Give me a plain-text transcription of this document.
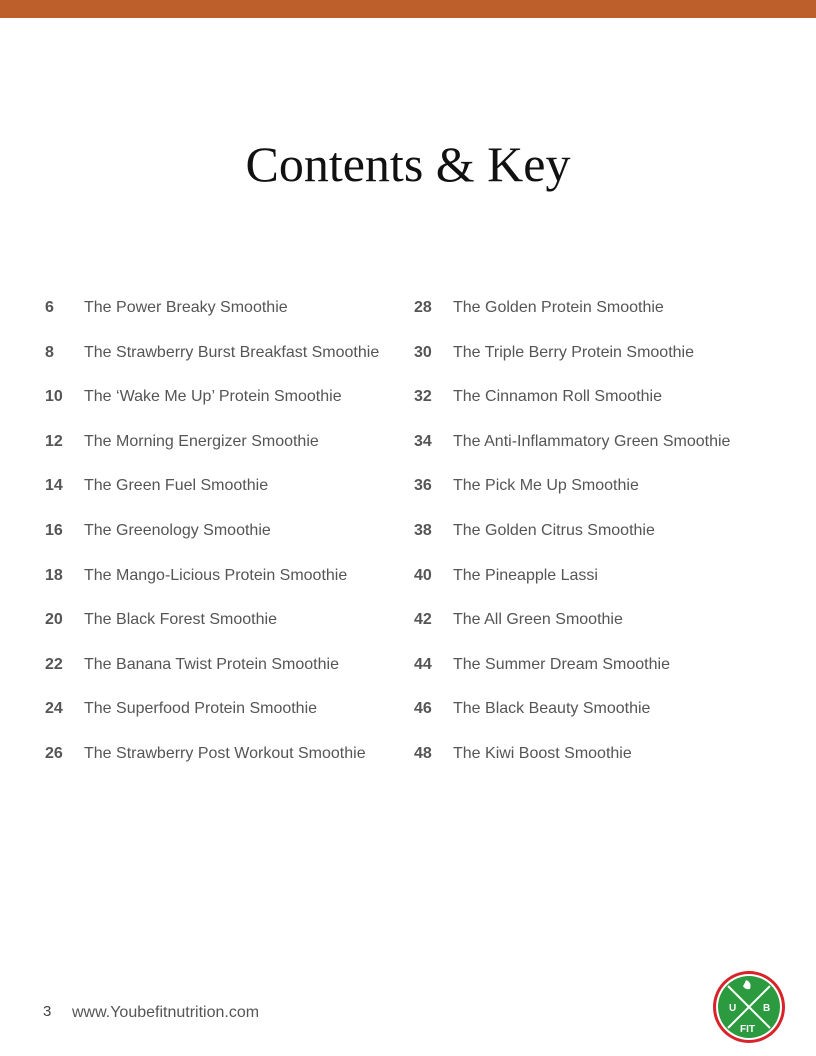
Contents & Key
6	The Power Breaky Smoothie
8	The Strawberry Burst Breakfast Smoothie
10	The ‘Wake Me Up’ Protein Smoothie
12	The Morning Energizer Smoothie
14	The Green Fuel Smoothie
16	The Greenology Smoothie
18	The Mango-Licious Protein Smoothie
20	The Black Forest Smoothie
22	The Banana Twist Protein Smoothie
24	The Superfood Protein Smoothie
26	The Strawberry Post Workout Smoothie
28	The Golden Protein Smoothie
30	The Triple Berry Protein Smoothie
32	The Cinnamon Roll Smoothie
34	The Anti-Inflammatory Green Smoothie
36	The Pick Me Up Smoothie
38	The Golden Citrus Smoothie
40	The Pineapple Lassi
42	The All Green Smoothie
44	The Summer Dream Smoothie
46	The Black Beauty Smoothie
48	The Kiwi Boost Smoothie
3 www.Youbefitnutrition.com	U	B
FIT
